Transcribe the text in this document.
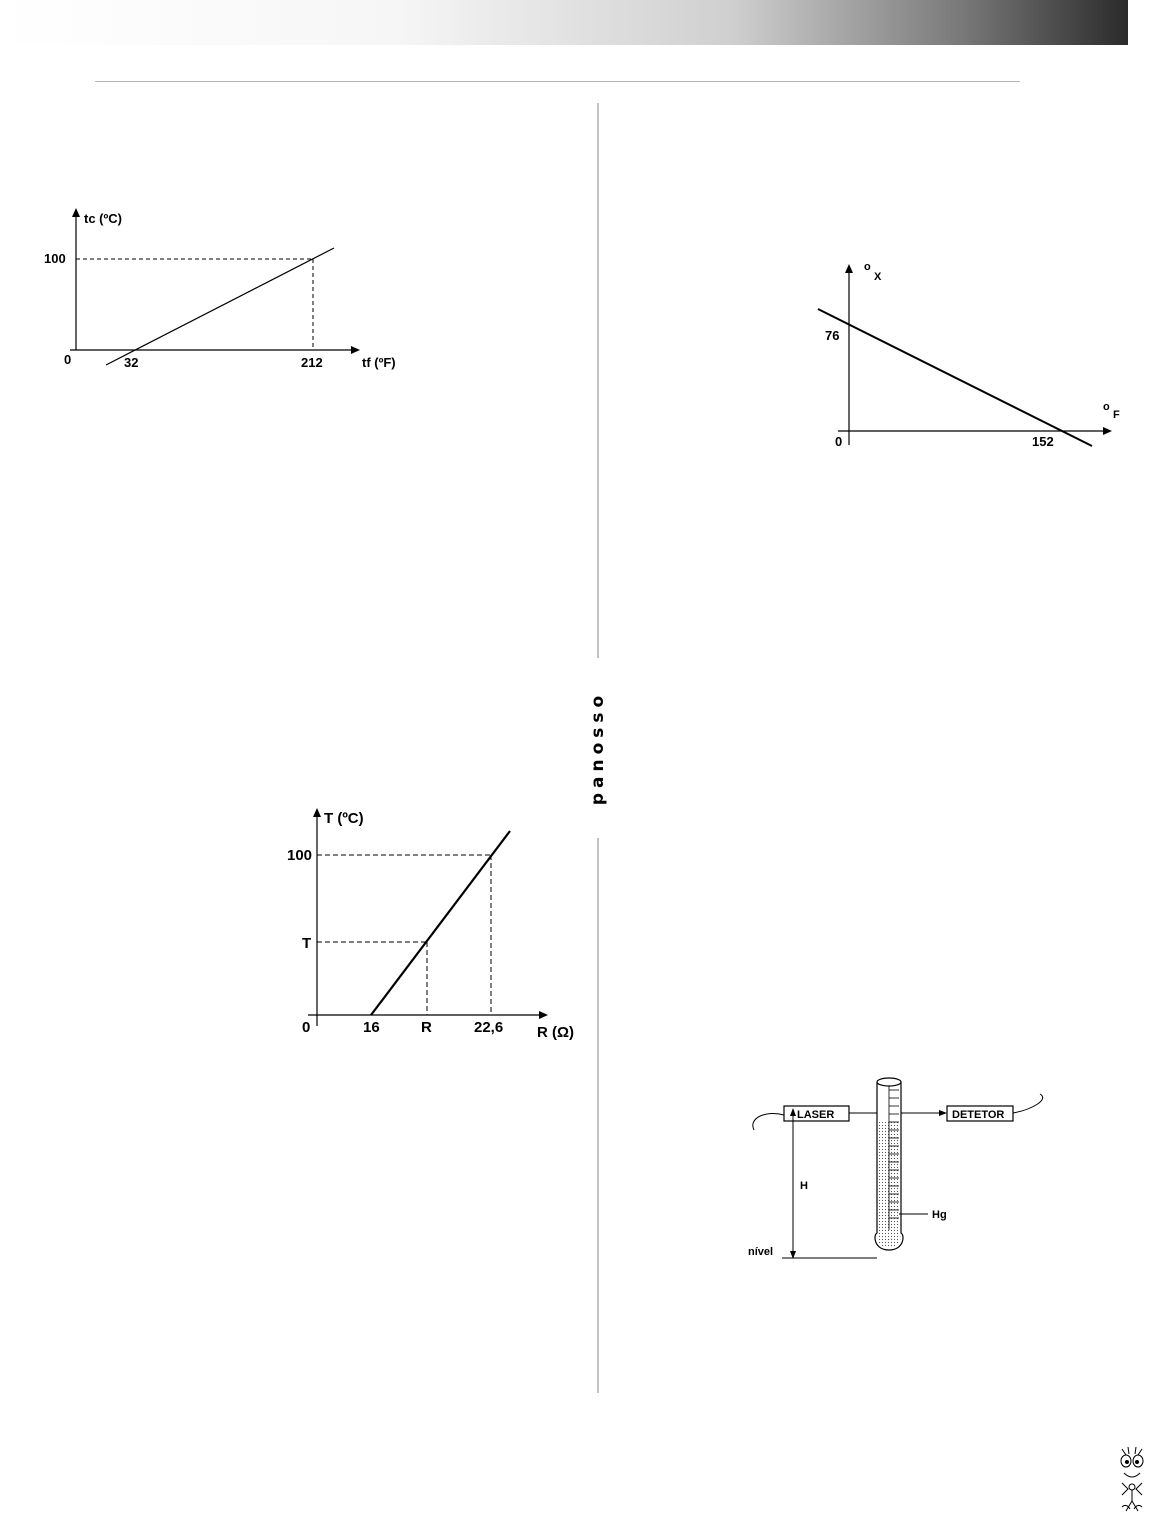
panosso
tc (ºC)
100
0	32	212	tf (ºF)
o
X
76
o
F
0	152
T (ºC)
100
T
0	16	R	22,6 R (Ω)
LASER	DETETOR
Hg
H
nível
